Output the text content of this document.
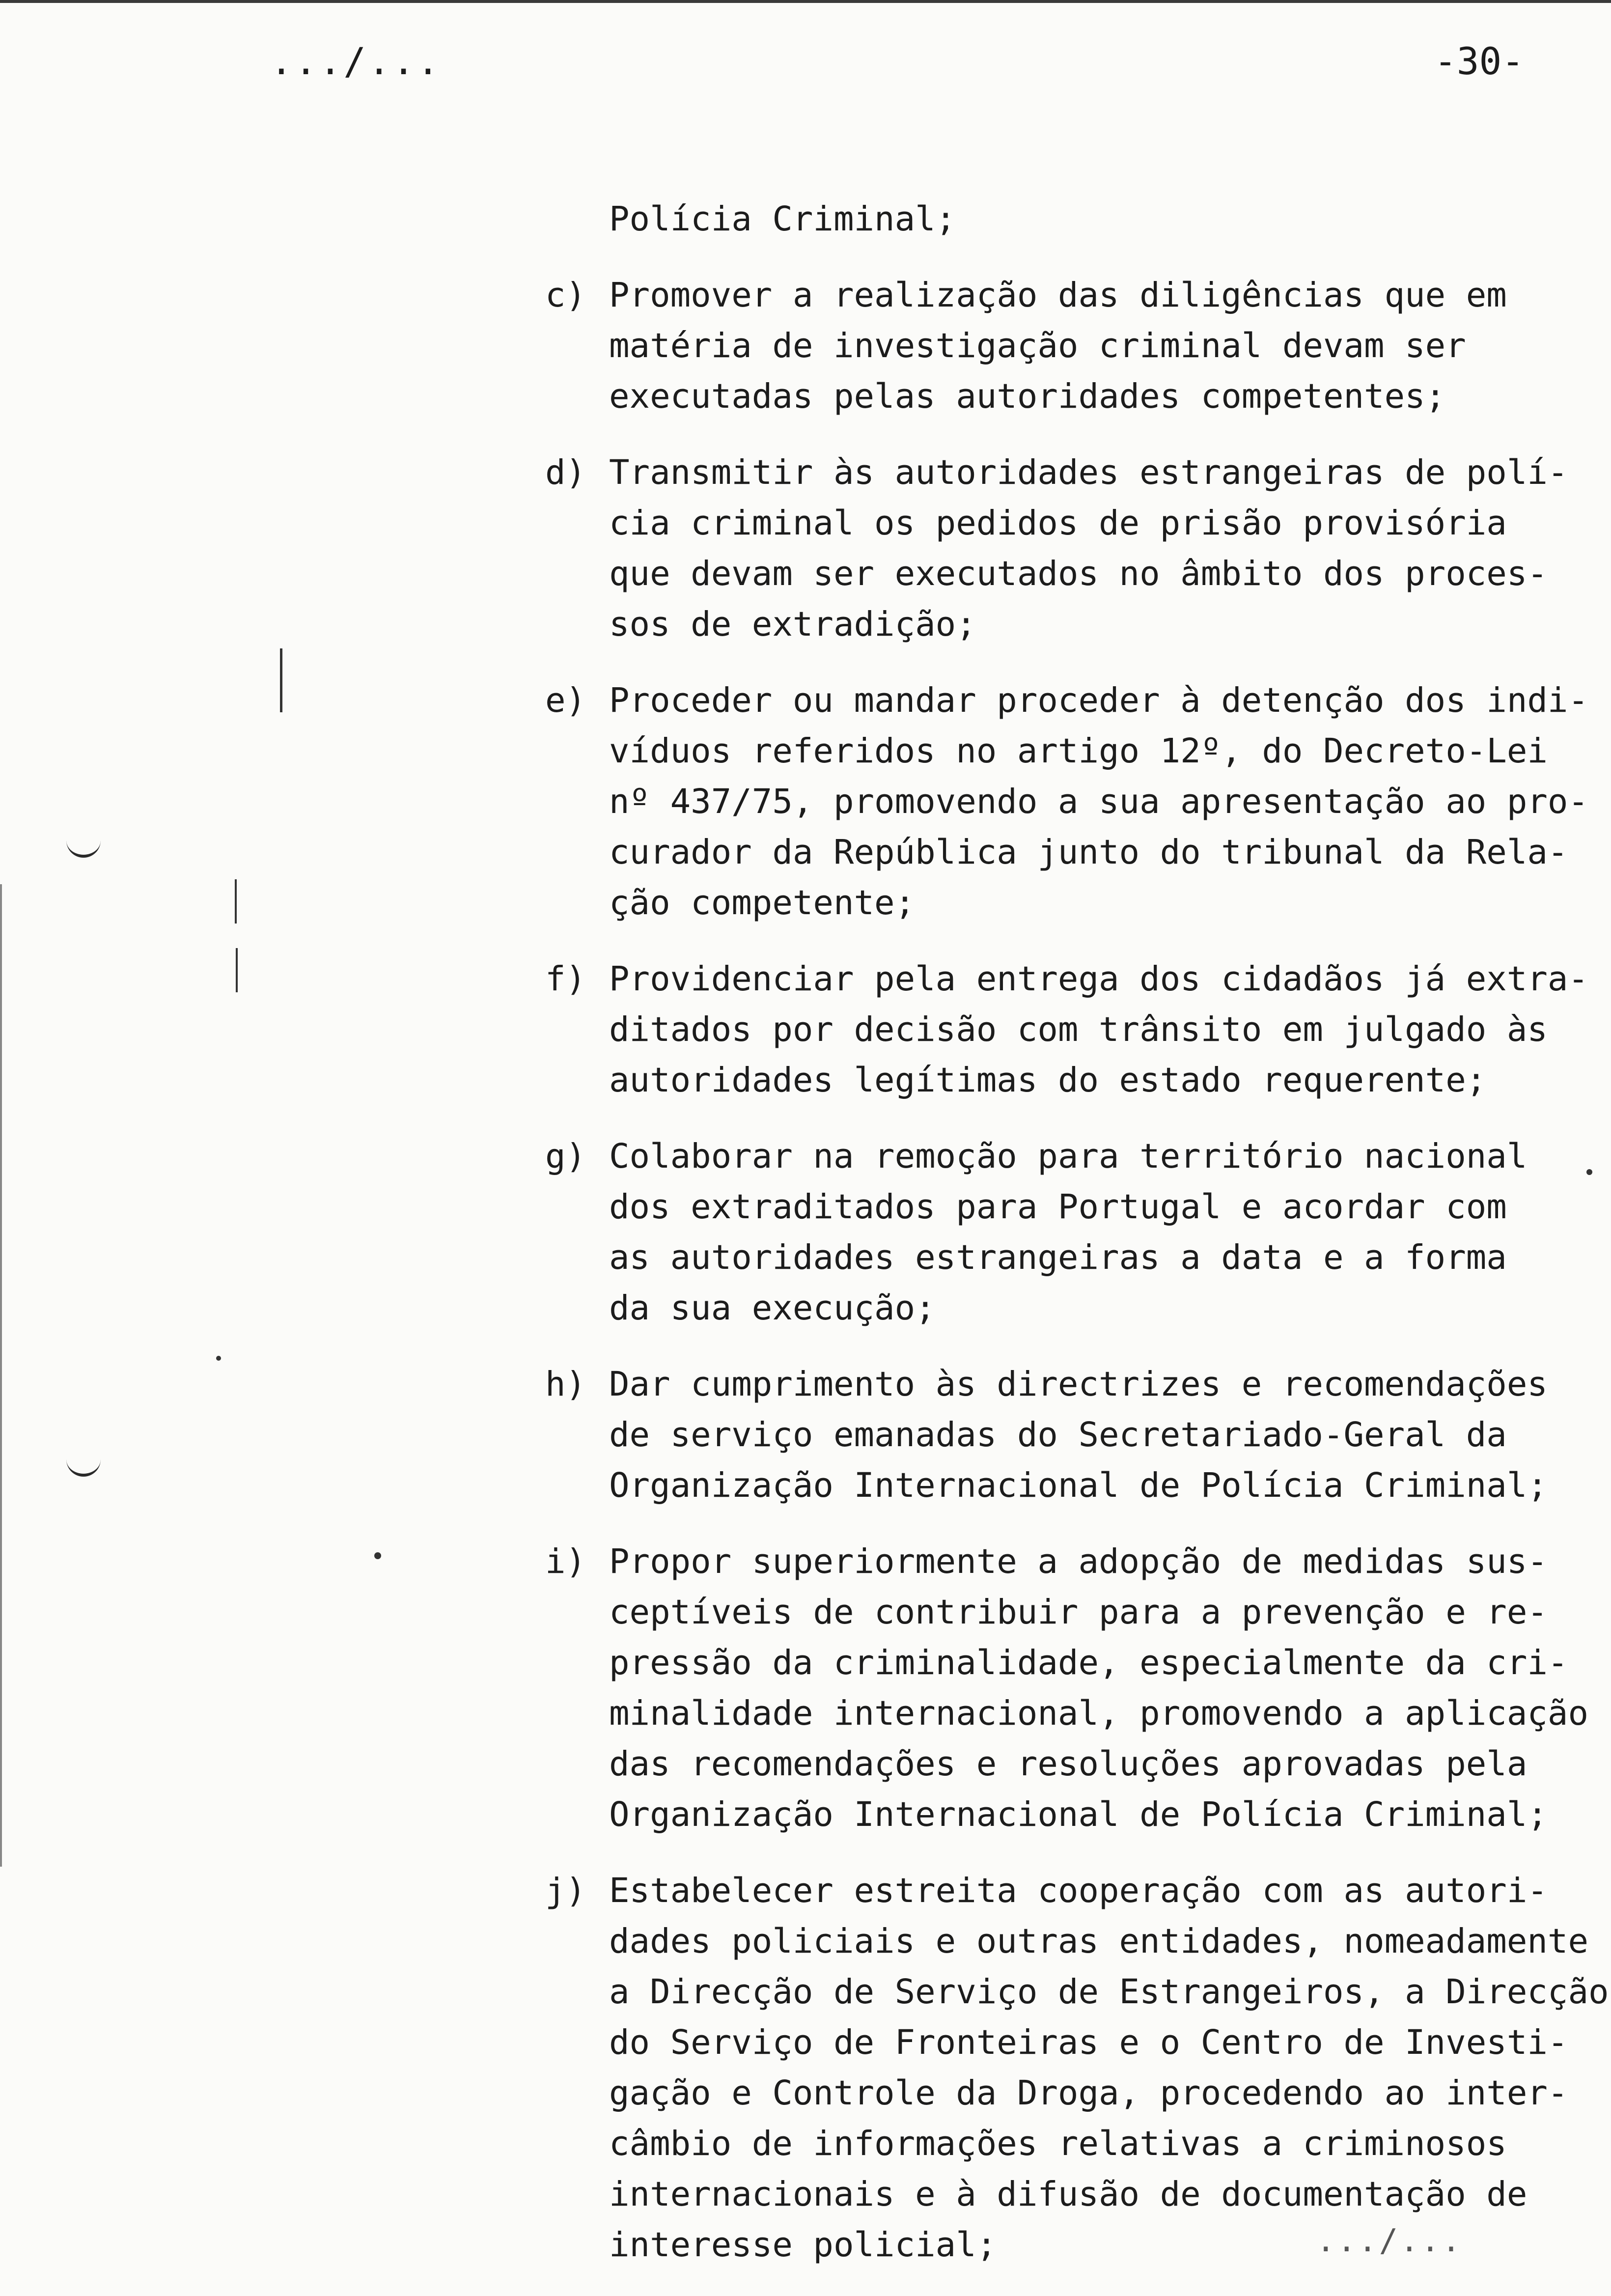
..​./...	-30-
Polícia Criminal;
c) Promover a realização das diligências que em
matéria de investigação criminal devam ser
executadas pelas autoridades competentes;
d) Transmitir às autoridades estrangeiras de polí-
cia criminal os pedidos de prisão provisória
que devam ser executados no âmbito dos proces-
sos de extradição;
e) Proceder ou mandar proceder à detenção dos indi-
víduos referidos no artigo 12º, do Decreto-Lei
nº 437/75, promovendo a sua apresentação ao pro-
curador da República junto do tribunal da Rela-
ção competente;
f) Providenciar pela entrega dos cidadãos já extra-
ditados por decisão com trânsito em julgado às
autoridades legítimas do estado requerente;
g) Colaborar na remoção para território nacional
dos extraditados para Portugal e acordar com
as autoridades estrangeiras a data e a forma
da sua execução;
h) Dar cumprimento às directrizes e recomendações
de serviço emanadas do Secretariado-Geral da
Organização Internacional de Polícia Criminal;
i) Propor superiormente a adopção de medidas sus-
ceptíveis de contribuir para a prevenção e re-
pressão da criminalidade, especialmente da cri-
minalidade internacional, promovendo a aplicação
das recomendações e resoluções aprovadas pela
Organização Internacional de Polícia Criminal;
j) Estabelecer estreita cooperação com as autori-
dades policiais e outras entidades, nomeadamente
a Direcção de Serviço de Estrangeiros, a Direcção
do Serviço de Fronteiras e o Centro de Investi-
gação e Controle da Droga, procedendo ao inter-
câmbio de informações relativas a criminosos
internacionais e à difusão de documentação de
interesse policial;	..​./...
